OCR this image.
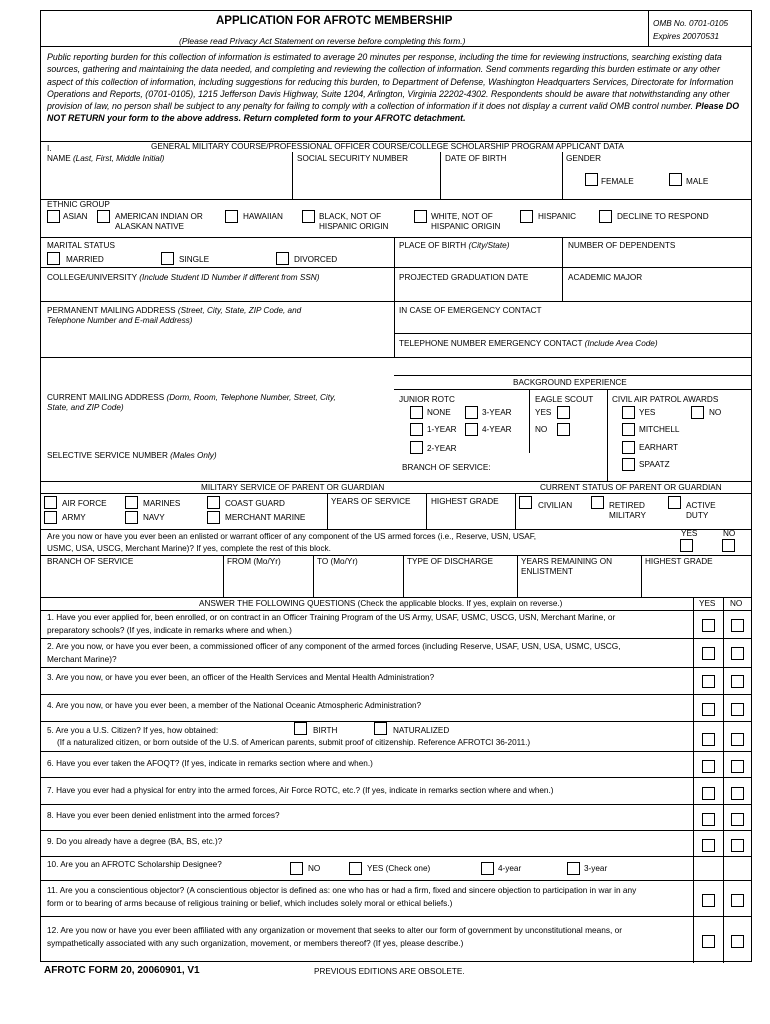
APPLICATION FOR AFROTC MEMBERSHIP
(Please read Privacy Act Statement on reverse before completing this form.)
OMB No. 0701-0105
Expires 20070531
Public reporting burden for this collection of information is estimated to average 20 minutes per response, including the time for reviewing instructions, searching existing data sources, gathering and maintaining the data needed, and completing and reviewing the collection of information. Send comments regarding this burden estimate or any other aspect of this collection of information, including suggestions for reducing this burden, to Department of Defense, Washington Headquarters Services, Directorate for Information Operations and Reports, (0701-0105), 1215 Jefferson Davis Highway, Suite 1204, Arlington, Virginia 22202-4302. Respondents should be aware that notwithstanding any other provision of law, no person shall be subject to any penalty for failing to comply with a collection of information if it does not display a current valid OMB control number. Please DO NOT RETURN your form to the above address. Return completed form to your AFROTC detachment.
I.	GENERAL MILITARY COURSE/PROFESSIONAL OFFICER COURSE/COLLEGE SCHOLARSHIP PROGRAM APPLICANT DATA
NAME (Last, First, Middle Initial)	SOCIAL SECURITY NUMBER	DATE OF BIRTH	GENDER
FEMALE	MALE
ETHNIC GROUP
ASIAN	AMERICAN INDIAN OR
ALASKAN NATIVE
HAWAIIAN	BLACK, NOT OF
HISPANIC ORIGIN
WHITE, NOT OF
HISPANIC ORIGIN
HISPANIC	DECLINE TO RESPOND
MARITAL STATUS
MARRIED	SINGLE	DIVORCED
PLACE OF BIRTH (City/State)	NUMBER OF DEPENDENTS
COLLEGE/UNIVERSITY (Include Student ID Number if different from SSN)	PROJECTED GRADUATION DATE	ACADEMIC MAJOR
PERMANENT MAILING ADDRESS (Street, City, State, ZIP Code, and
Telephone Number and E-mail Address)
IN CASE OF EMERGENCY CONTACT
TELEPHONE NUMBER EMERGENCY CONTACT (Include Area Code)
BACKGROUND EXPERIENCE
CURRENT MAILING ADDRESS (Dorm, Room, Telephone Number, Street, City,
State, and ZIP Code)
JUNIOR ROTC
NONE	3-YEAR
1-YEAR	4-YEAR
2-YEAR
BRANCH OF SERVICE:
EAGLE SCOUT
YES
NO
CIVIL AIR PATROL AWARDS
YES	NO
MITCHELL
EARHART
SPAATZ
SELECTIVE SERVICE NUMBER (Males Only)
MILITARY SERVICE OF PARENT OR GUARDIAN	CURRENT STATUS OF PARENT OR GUARDIAN
AIR FORCE	MARINES	COAST GUARD
ARMY	NAVY	MERCHANT MARINE
YEARS OF SERVICE	HIGHEST GRADE	CIVILIAN	RETIRED
MILITARY
ACTIVE
DUTY
Are you now or have you ever been an enlisted or warrant officer of any component of the US armed forces (i.e., Reserve, USN, USAF,
USMC, USA, USCG, Merchant Marine)? If yes, complete the rest of this block.
YES	NO
BRANCH OF SERVICE	FROM (Mo/Yr)	TO (Mo/Yr)	TYPE OF DISCHARGE	YEARS REMAINING ON
ENLISTMENT
HIGHEST GRADE
ANSWER THE FOLLOWING QUESTIONS (Check the applicable blocks. If yes, explain on reverse.)	YES NO
1. Have you ever applied for, been enrolled, or on contract in an Officer Training Program of the US Army, USAF, USMC, USCG, USN, Merchant Marine, or preparatory schools? (If yes, indicate in remarks where and when.)
2. Are you now, or have you ever been, a commissioned officer of any component of the armed forces (including Reserve, USAF, USN, USA, USMC, USCG, Merchant Marine)?
3. Are you now, or have you ever been, an officer of the Health Services and Mental Health Administration?
4. Are you now, or have you ever been, a member of the National Oceanic Atmospheric Administration?
5. Are you a U.S. Citizen? If yes, how obtained:	BIRTH	NATURALIZED
(If a naturalized citizen, or born outside of the U.S. of American parents, submit proof of citizenship. Reference AFROTCI 36-2011.)
6. Have you ever taken the AFOQT? (If yes, indicate in remarks section where and when.)
7. Have you ever had a physical for entry into the armed forces, Air Force ROTC, etc.? (If yes, indicate in remarks section where and when.)
8. Have you ever been denied enlistment into the armed forces?
9. Do you already have a degree (BA, BS, etc.)?
10. Are you an AFROTC Scholarship Designee?	NO	YES (Check one)	4-year	3-year
11. Are you a conscientious objector? (A conscientious objector is defined as: one who has or had a firm, fixed and sincere objection to participation in war in any form or to bearing of arms because of religious training or belief, which includes solely moral or ethical beliefs.)
12. Are you now or have you ever been affiliated with any organization or movement that seeks to alter our form of government by unconstitutional means, or sympathetically associated with any such organization, movement, or members thereof? (If yes, please describe.)
AFROTC FORM 20, 20060901, V1	PREVIOUS EDITIONS ARE OBSOLETE.
